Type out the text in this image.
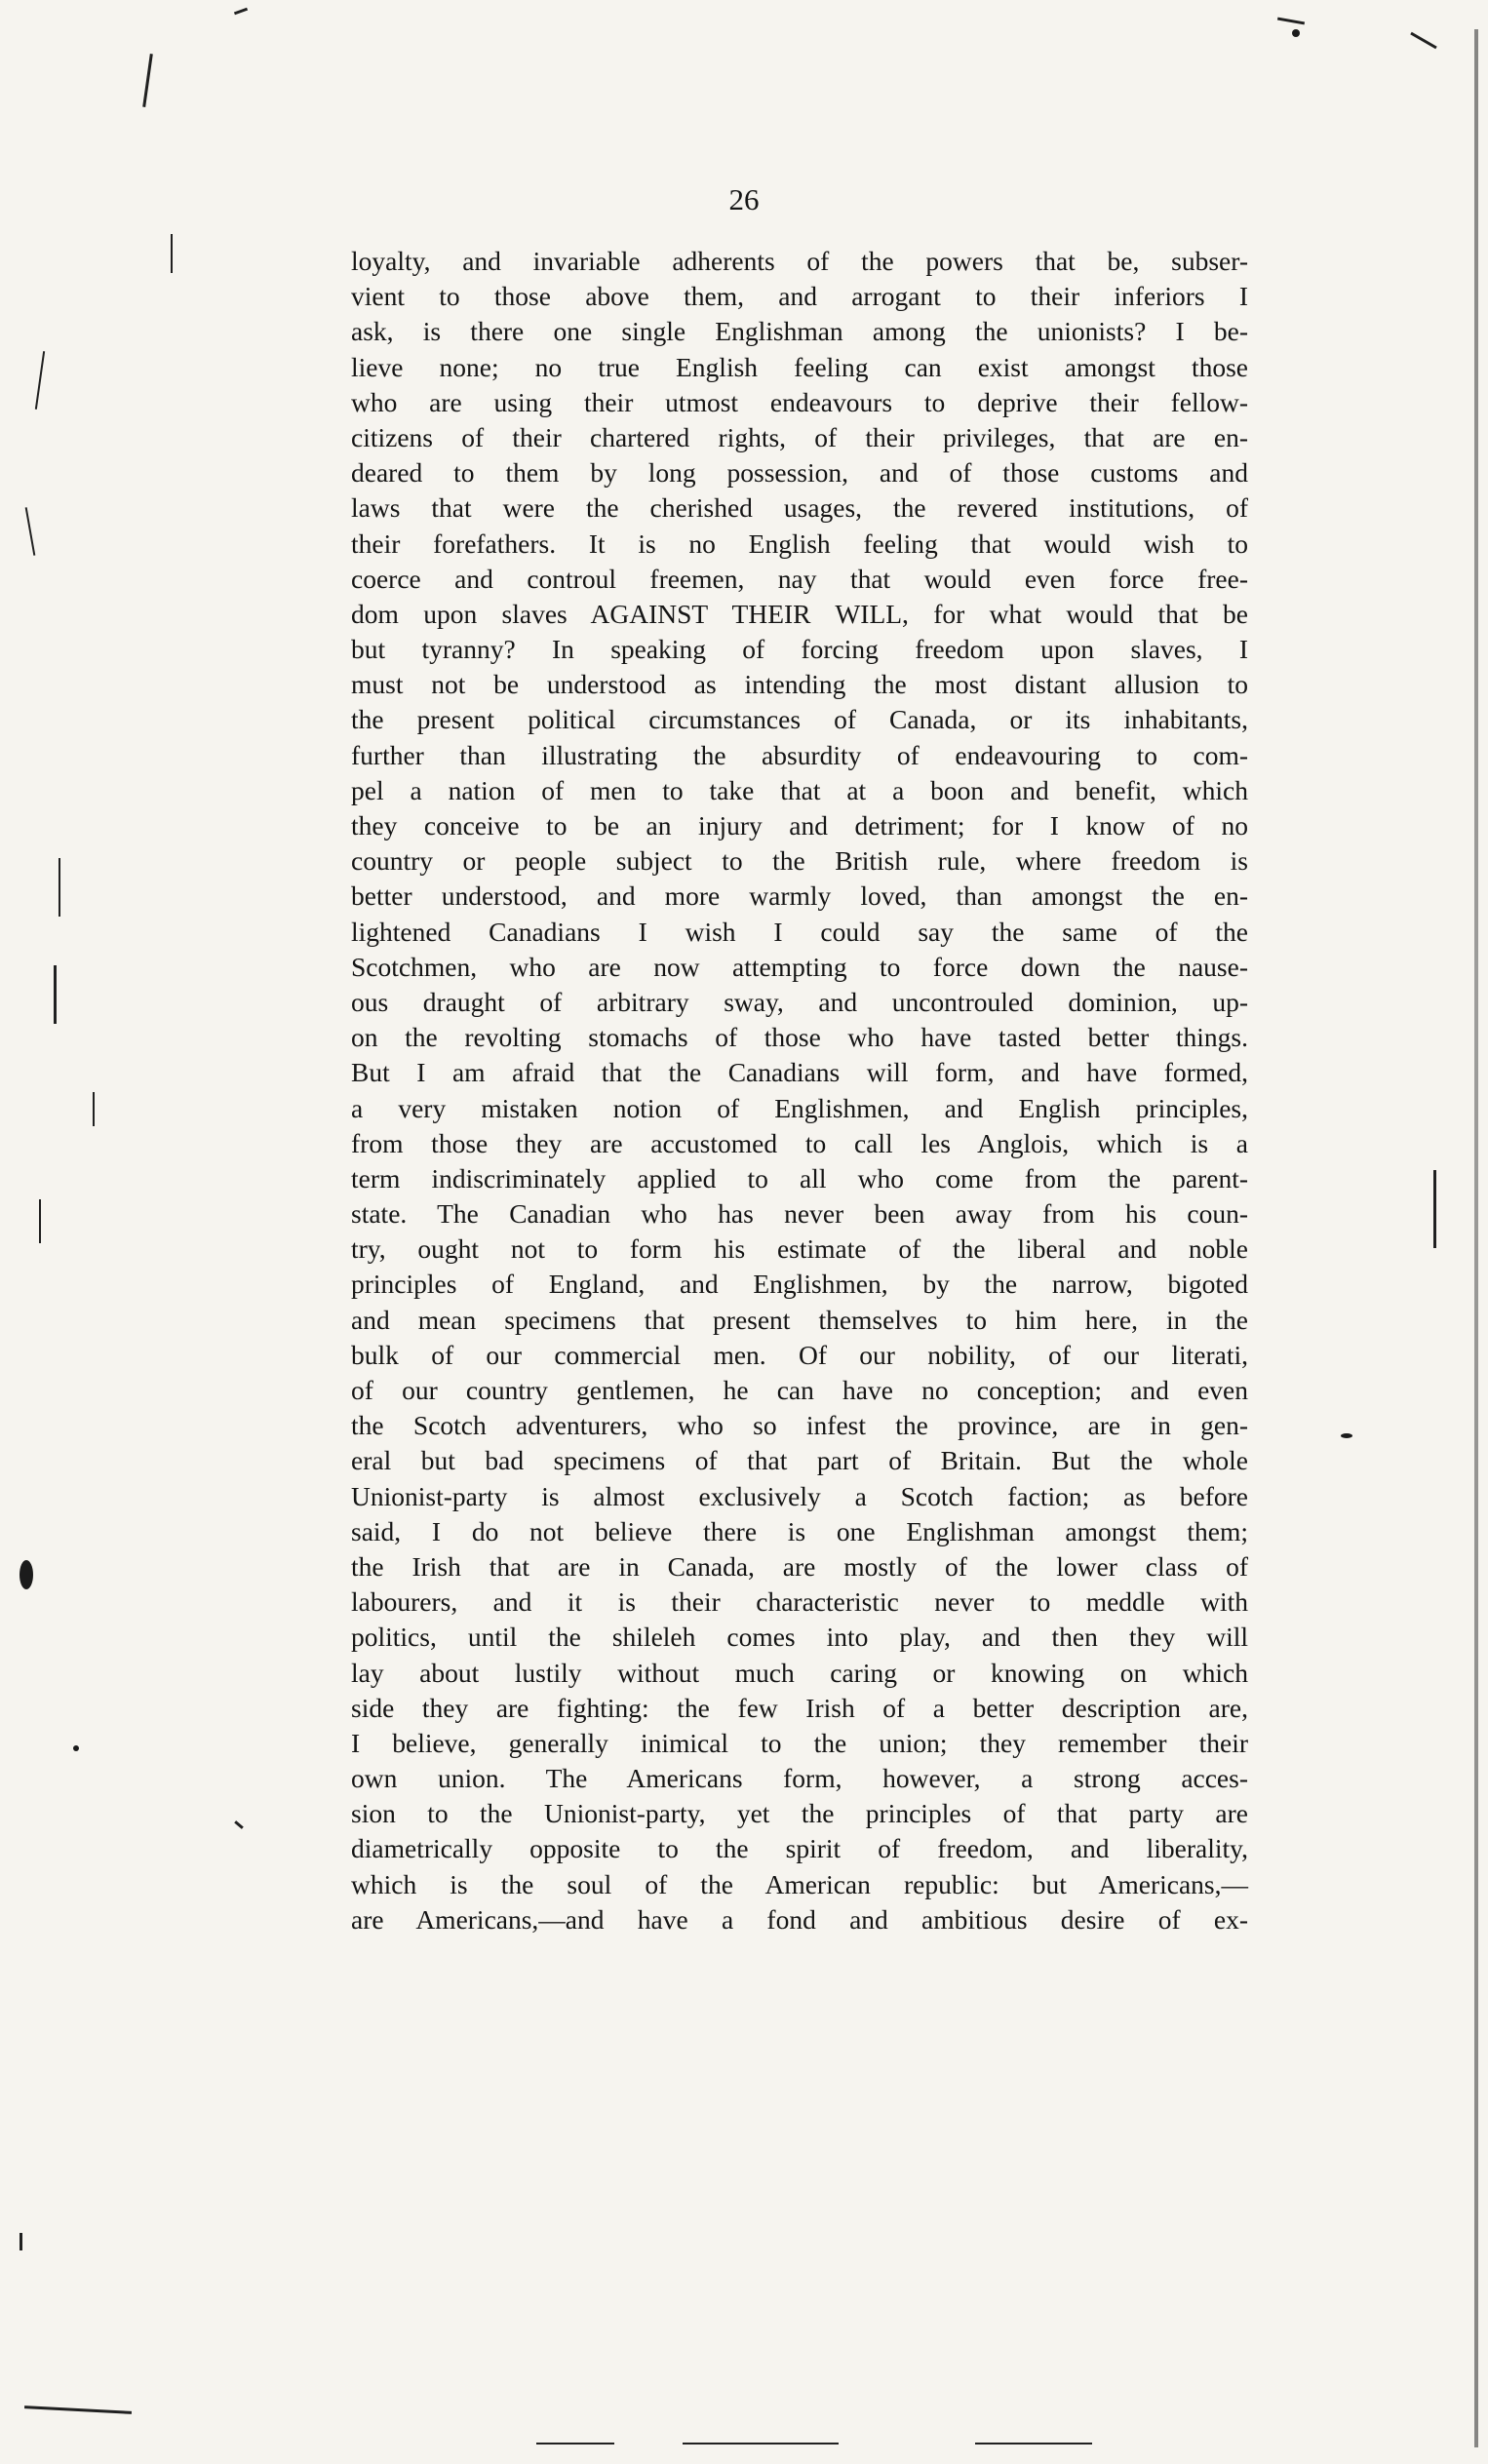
26
loyalty, and invariable adherents of the powers that be, subser-
vient to those above them, and arrogant to their inferiors I
ask, is there one single Englishman among the unionists? I be-
lieve none; no true English feeling can exist amongst those
who are using their utmost endeavours to deprive their fellow-
citizens of their chartered rights, of their privileges, that are en-
deared to them by long possession, and of those customs and
laws that were the cherished usages, the revered institutions, of
their forefathers. It is no English feeling that would wish to
coerce and controul freemen, nay that would even force free-
dom upon slaves AGAINST THEIR WILL, for what would that be
but tyranny? In speaking of forcing freedom upon slaves, I
must not be understood as intending the most distant allusion to
the present political circumstances of Canada, or its inhabitants,
further than illustrating the absurdity of endeavouring to com-
pel a nation of men to take that at a boon and benefit, which
they conceive to be an injury and detriment; for I know of no
country or people subject to the British rule, where freedom is
better understood, and more warmly loved, than amongst the en-
lightened Canadians I wish I could say the same of the
Scotchmen, who are now attempting to force down the nause-
ous draught of arbitrary sway, and uncontrouled dominion, up-
on the revolting stomachs of those who have tasted better things.
But I am afraid that the Canadians will form, and have formed,
a very mistaken notion of Englishmen, and English principles,
from those they are accustomed to call les Anglois, which is a
term indiscriminately applied to all who come from the parent-
state. The Canadian who has never been away from his coun-
try, ought not to form his estimate of the liberal and noble
principles of England, and Englishmen, by the narrow, bigoted
and mean specimens that present themselves to him here, in the
bulk of our commercial men. Of our nobility, of our literati,
of our country gentlemen, he can have no conception; and even
the Scotch adventurers, who so infest the province, are in gen-
eral but bad specimens of that part of Britain. But the whole
Unionist-party is almost exclusively a Scotch faction; as before
said, I do not believe there is one Englishman amongst them;
the Irish that are in Canada, are mostly of the lower class of
labourers, and it is their characteristic never to meddle with
politics, until the shileleh comes into play, and then they will
lay about lustily without much caring or knowing on which
side they are fighting: the few Irish of a better description are,
I believe, generally inimical to the union; they remember their
own union. The Americans form, however, a strong acces-
sion to the Unionist-party, yet the principles of that party are
diametrically opposite to the spirit of freedom, and liberality,
which is the soul of the American republic: but Americans,—
are Americans,—and have a fond and ambitious desire of ex-
